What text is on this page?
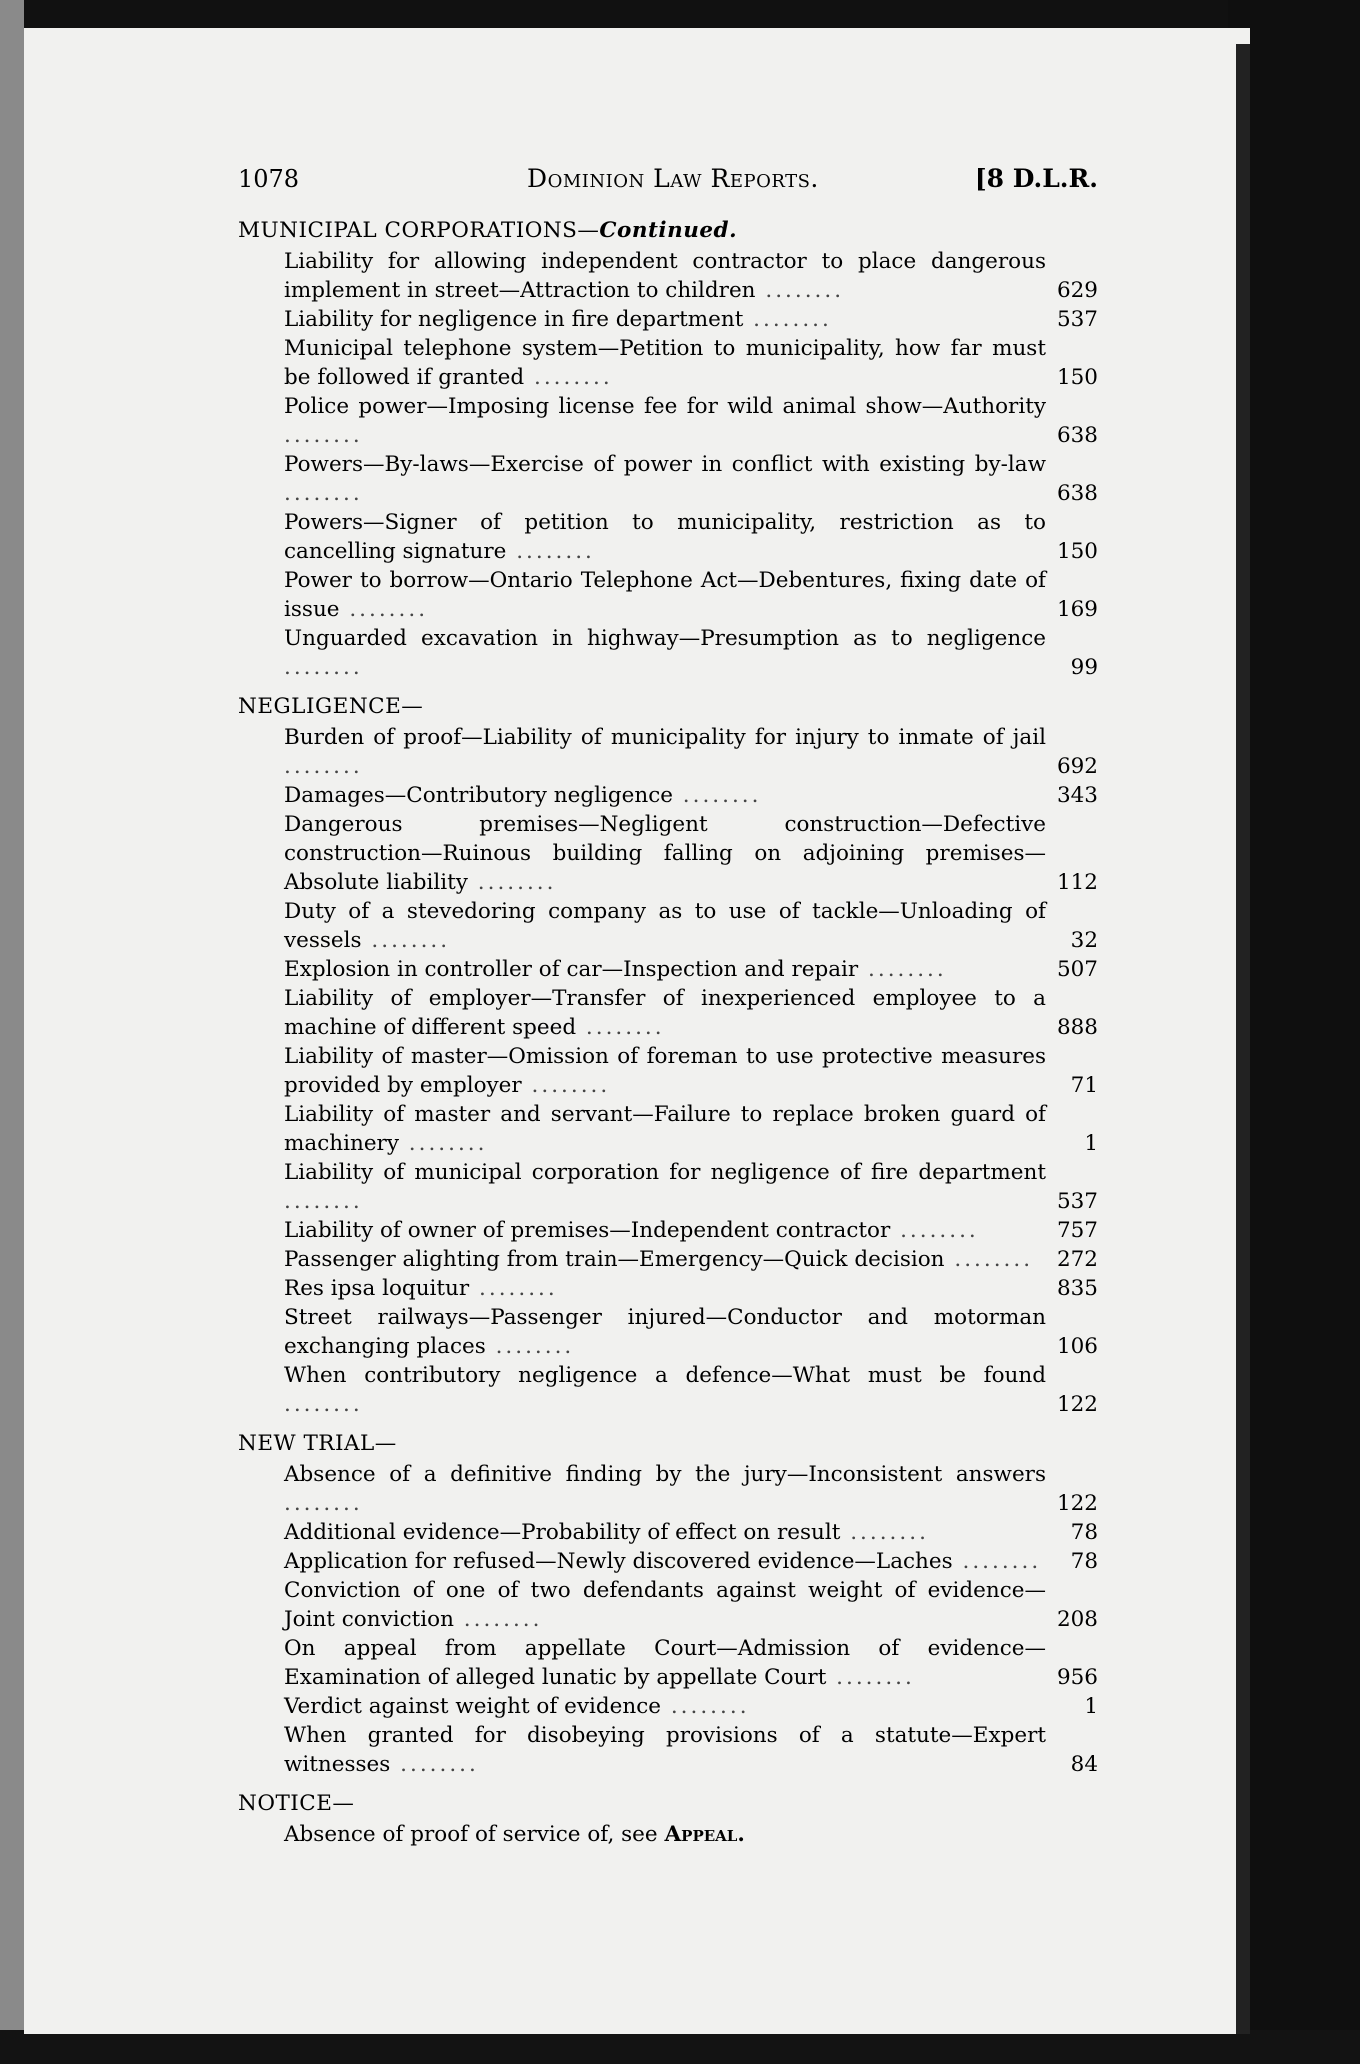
1078	Dominion Law Reports.	[8 D.L.R.
MUNICIPAL CORPORATIONS—Continued.
Liability for allowing independent contractor to place dangerous implement in street—Attraction to children ........	629
Liability for negligence in fire department ........	537
Municipal telephone system—Petition to municipality, how far must be followed if granted ........	150
Police power—Imposing license fee for wild animal show—Authority ........	638
Powers—By-laws—Exercise of power in conflict with existing by-law ........	638
Powers—Signer of petition to municipality, restriction as to cancelling signature ........	150
Power to borrow—Ontario Telephone Act—Debentures, fixing date of issue ........	169
Unguarded excavation in highway—Presumption as to negligence ........	99
NEGLIGENCE—
Burden of proof—Liability of municipality for injury to inmate of jail ........	692
Damages—Contributory negligence ........	343
Dangerous premises—Negligent construction—Defective construction—Ruinous building falling on adjoining premises—Absolute liability ........	112
Duty of a stevedoring company as to use of tackle—Unloading of vessels ........	32
Explosion in controller of car—Inspection and repair ........	507
Liability of employer—Transfer of inexperienced employee to a machine of different speed ........	888
Liability of master—Omission of foreman to use protective measures provided by employer ........	71
Liability of master and servant—Failure to replace broken guard of machinery ........	1
Liability of municipal corporation for negligence of fire department ........	537
Liability of owner of premises—Independent contractor ........	757
Passenger alighting from train—Emergency—Quick decision ........	272
Res ipsa loquitur ........	835
Street railways—Passenger injured—Conductor and motorman exchanging places ........	106
When contributory negligence a defence—What must be found ........	122
NEW TRIAL—
Absence of a definitive finding by the jury—Inconsistent answers ........	122
Additional evidence—Probability of effect on result ........	78
Application for refused—Newly discovered evidence—Laches ........	78
Conviction of one of two defendants against weight of evidence—Joint conviction ........	208
On appeal from appellate Court—Admission of evidence—Examination of alleged lunatic by appellate Court ........	956
Verdict against weight of evidence ........	1
When granted for disobeying provisions of a statute—Expert witnesses ........	84
NOTICE—
Absence of proof of service of, see Appeal.
